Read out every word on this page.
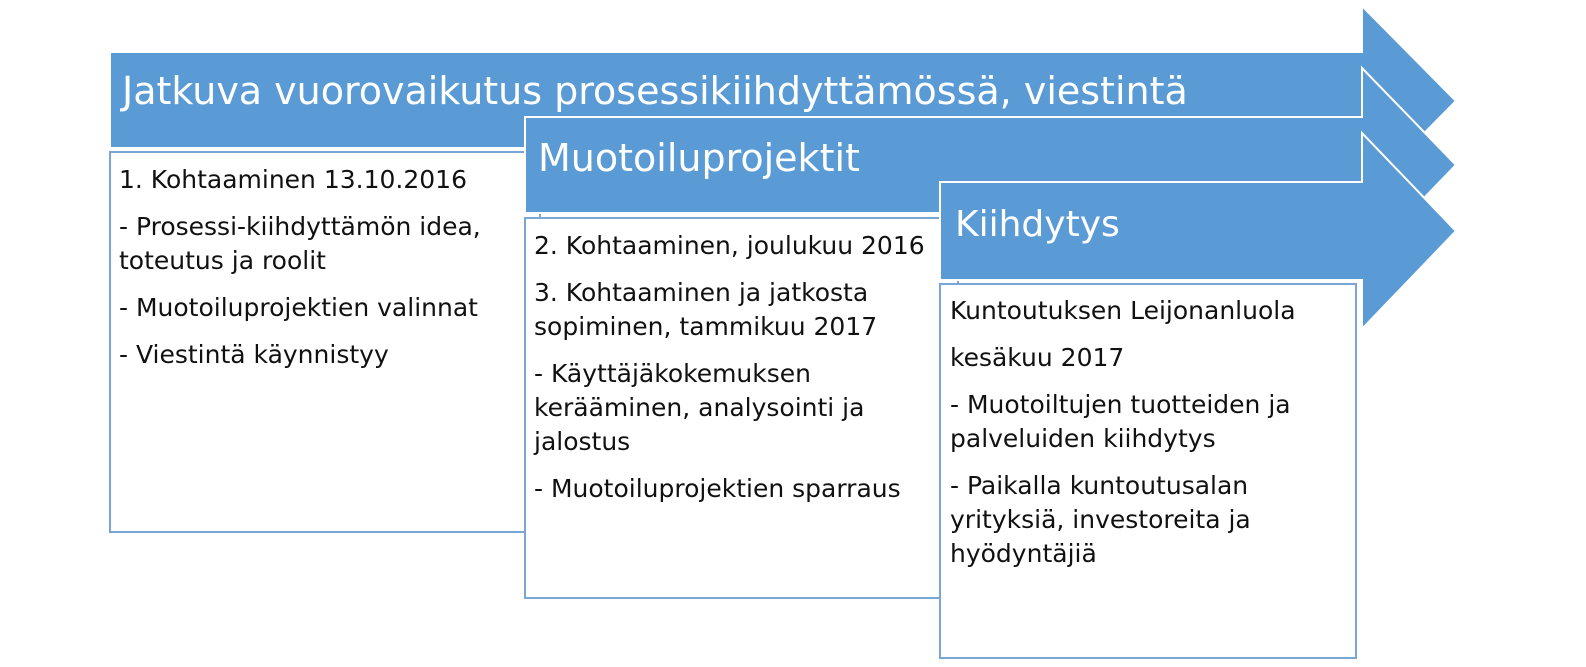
1. Kohtaaminen 13.10.2016
- Prosessi-kiihdyttämön idea,
toteutus ja roolit
- Muotoiluprojektien valinnat
- Viestintä käynnistyy
Jatkuva vuorovaikutus prosessikiihdyttämössä, viestintä
2. Kohtaaminen, joulukuu 2016
3. Kohtaaminen ja jatkosta
sopiminen, tammikuu 2017
- Käyttäjäkokemuksen
kerääminen, analysointi ja
jalostus
- Muotoiluprojektien sparraus
Muotoiluprojektit
Kuntoutuksen Leijonanluola
kesäkuu 2017
- Muotoiltujen tuotteiden ja
palveluiden kiihdytys
- Paikalla kuntoutusalan
yrityksiä, investoreita ja
hyödyntäjiä
Kiihdytys
